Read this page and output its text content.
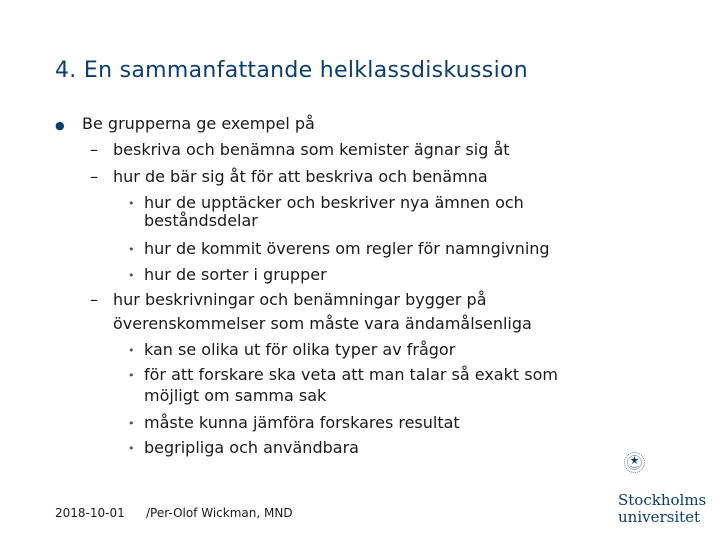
4. En sammanfattande helklassdiskussion
● Be grupperna ge exempel på
– beskriva och benämna som kemister ägnar sig åt
– hur de bär sig åt för att beskriva och benämna
• hur de upptäcker och beskriver nya ämnen och
beståndsdelar
• hur de kommit överens om regler för namngivning
• hur de sorter i grupper
– hur beskrivningar och benämningar bygger på
överenskommelser som måste vara ändamålsenliga
• kan se olika ut för olika typer av frågor
• för att forskare ska veta att man talar så exakt som
möjligt om samma sak
• måste kunna jämföra forskares resultat
• begripliga och användbara
2018-10-01 /Per-Olof Wickman, MND
Stockholms
universitet
